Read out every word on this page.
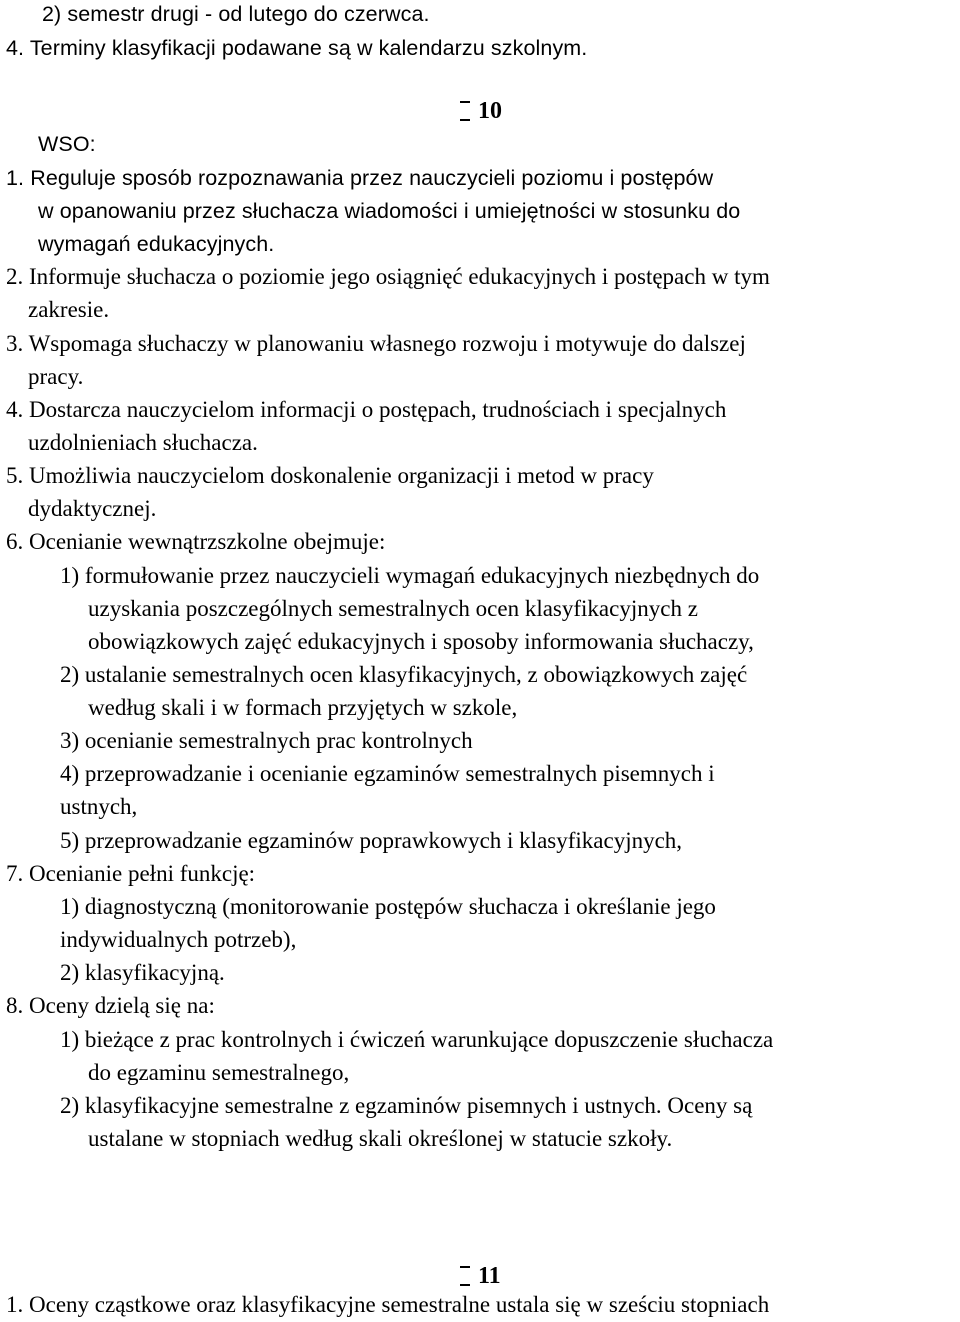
2) semestr drugi - od lutego do czerwca.
4. Terminy klasyfikacji podawane są w kalendarzu szkolnym.
10
WSO:
1. Reguluje sposób rozpoznawania przez nauczycieli poziomu i postępów
w opanowaniu przez słuchacza wiadomości i umiejętności w stosunku do
wymagań edukacyjnych.
2. Informuje słuchacza o poziomie jego osiągnięć edukacyjnych i postępach w tym
zakresie.
3. Wspomaga słuchaczy w planowaniu własnego rozwoju i motywuje do dalszej
pracy.
4. Dostarcza nauczycielom informacji o postępach, trudnościach i specjalnych
uzdolnieniach słuchacza.
5. Umożliwia nauczycielom doskonalenie organizacji i metod w pracy
dydaktycznej.
6. Ocenianie wewnątrzszkolne obejmuje:
1) formułowanie przez nauczycieli wymagań edukacyjnych niezbędnych do
uzyskania poszczególnych semestralnych ocen klasyfikacyjnych z
obowiązkowych zajęć edukacyjnych i sposoby informowania słuchaczy,
2) ustalanie semestralnych ocen klasyfikacyjnych, z obowiązkowych zajęć
według skali i w formach przyjętych w szkole,
3) ocenianie semestralnych prac kontrolnych
4) przeprowadzanie i ocenianie egzaminów semestralnych pisemnych i
ustnych,
5) przeprowadzanie egzaminów poprawkowych i klasyfikacyjnych,
7. Ocenianie pełni funkcję:
1) diagnostyczną (monitorowanie postępów słuchacza i określanie jego
indywidualnych potrzeb),
2) klasyfikacyjną.
8. Oceny dzielą się na:
1) bieżące z prac kontrolnych i ćwiczeń warunkujące dopuszczenie słuchacza
do egzaminu semestralnego,
2) klasyfikacyjne semestralne z egzaminów pisemnych i ustnych. Oceny są
ustalane w stopniach według skali określonej w statucie szkoły.
11
1. Oceny cząstkowe oraz klasyfikacyjne semestralne ustala się w sześciu stopniach
